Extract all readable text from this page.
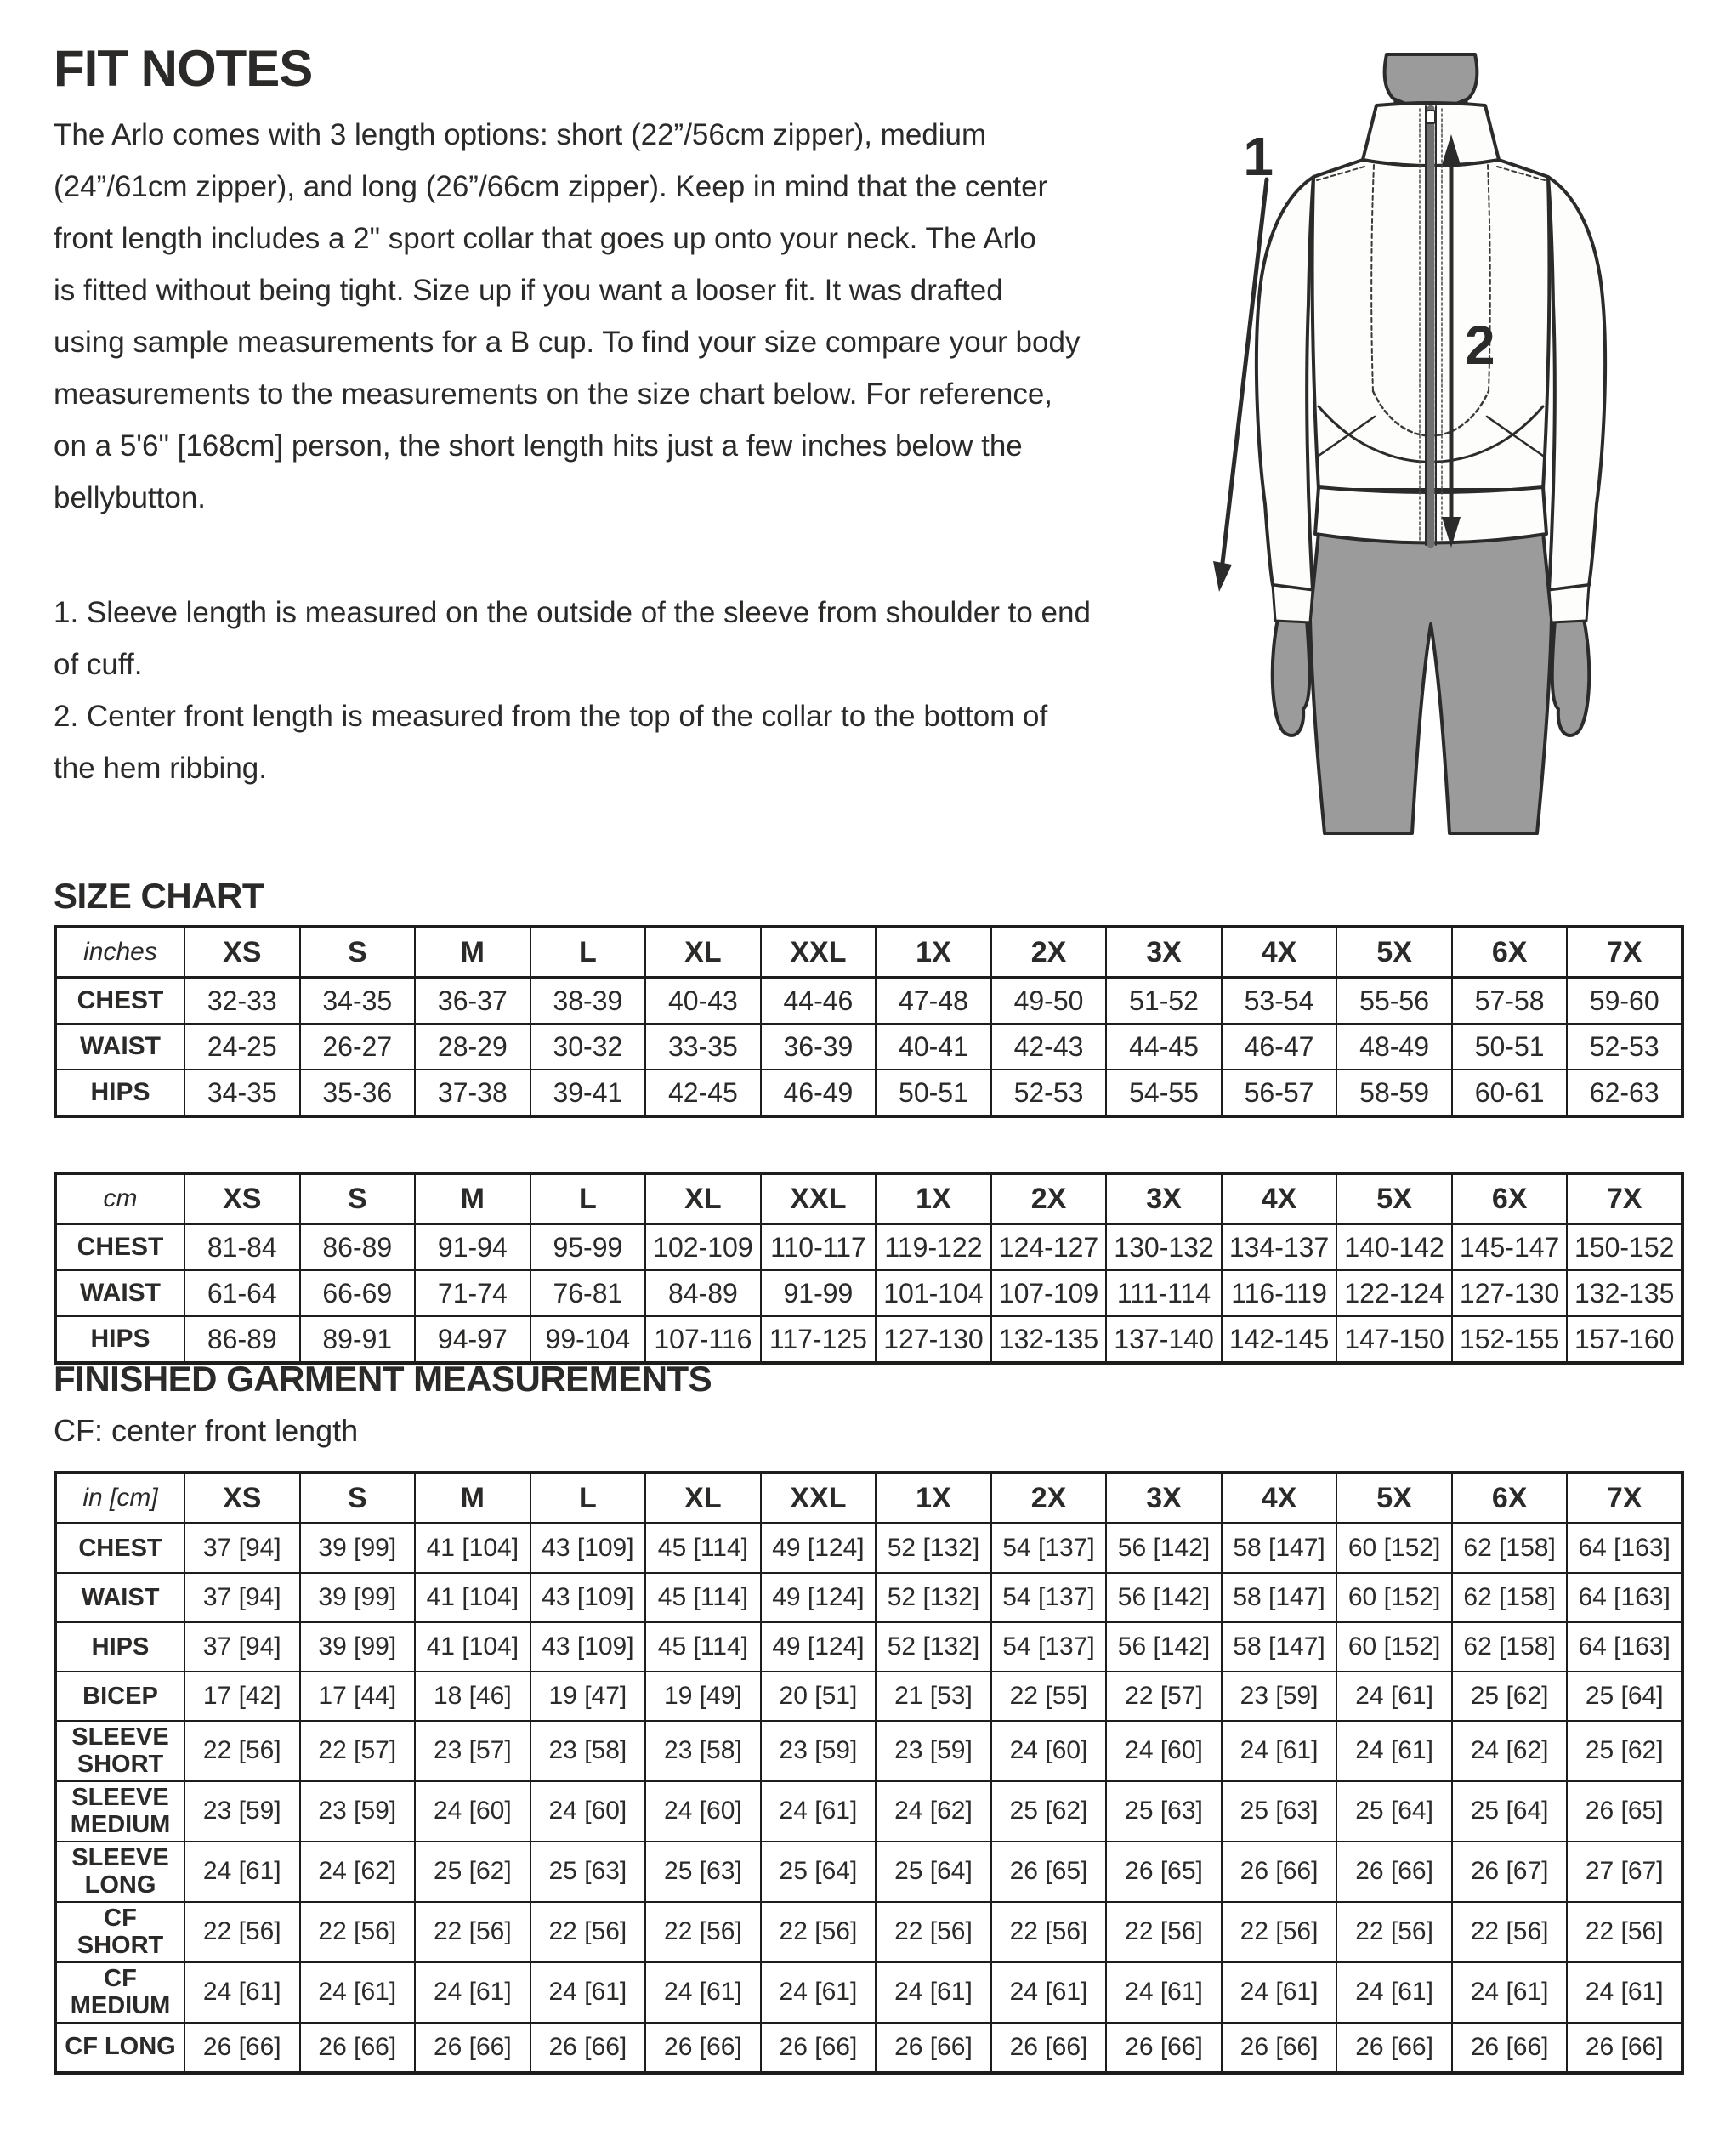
FIT NOTES
The Arlo comes with 3 length options: short (22”/56cm zipper), medium
(24”/61cm zipper), and long (26”/66cm zipper). Keep in mind that the center
front length includes a 2" sport collar that goes up onto your neck. The Arlo
is fitted without being tight. Size up if you want a looser fit. It was drafted
using sample measurements for a B cup. To find your size compare your body
measurements to the measurements on the size chart below. For reference,
on a 5'6" [168cm] person, the short length hits just a few inches below the
bellybutton.
1. Sleeve length is measured on the outside of the sleeve from shoulder to end
of cuff.
2. Center front length is measured from the top of the collar to the bottom of
the hem ribbing.
1
2
SIZE CHART
inches	XS	S	M	L	XL	XXL	1X	2X	3X	4X	5X	6X	7X
CHEST	32-33	34-35	36-37	38-39	40-43	44-46	47-48	49-50	51-52	53-54	55-56	57-58	59-60
WAIST	24-25	26-27	28-29	30-32	33-35	36-39	40-41	42-43	44-45	46-47	48-49	50-51	52-53
HIPS	34-35	35-36	37-38	39-41	42-45	46-49	50-51	52-53	54-55	56-57	58-59	60-61	62-63
cm	XS	S	M	L	XL	XXL	1X	2X	3X	4X	5X	6X	7X
CHEST	81-84	86-89	91-94	95-99	102-109	110-117	119-122	124-127	130-132	134-137	140-142	145-147	150-152
WAIST	61-64	66-69	71-74	76-81	84-89	91-99	101-104	107-109	111-114	116-119	122-124	127-130	132-135
HIPS	86-89	89-91	94-97	99-104	107-116	117-125	127-130	132-135	137-140	142-145	147-150	152-155	157-160
FINISHED GARMENT MEASUREMENTS
CF: center front length
in [cm]	XS	S	M	L	XL	XXL	1X	2X	3X	4X	5X	6X	7X
CHEST	37 [94]	39 [99]	41 [104]	43 [109]	45 [114]	49 [124]	52 [132]	54 [137]	56 [142]	58 [147]	60 [152]	62 [158]	64 [163]
WAIST	37 [94]	39 [99]	41 [104]	43 [109]	45 [114]	49 [124]	52 [132]	54 [137]	56 [142]	58 [147]	60 [152]	62 [158]	64 [163]
HIPS	37 [94]	39 [99]	41 [104]	43 [109]	45 [114]	49 [124]	52 [132]	54 [137]	56 [142]	58 [147]	60 [152]	62 [158]	64 [163]
BICEP	17 [42]	17 [44]	18 [46]	19 [47]	19 [49]	20 [51]	21 [53]	22 [55]	22 [57]	23 [59]	24 [61]	25 [62]	25 [64]
SLEEVE SHORT	22 [56]	22 [57]	23 [57]	23 [58]	23 [58]	23 [59]	23 [59]	24 [60]	24 [60]	24 [61]	24 [61]	24 [62]	25 [62]
SLEEVE MEDIUM	23 [59]	23 [59]	24 [60]	24 [60]	24 [60]	24 [61]	24 [62]	25 [62]	25 [63]	25 [63]	25 [64]	25 [64]	26 [65]
SLEEVE LONG	24 [61]	24 [62]	25 [62]	25 [63]	25 [63]	25 [64]	25 [64]	26 [65]	26 [65]	26 [66]	26 [66]	26 [67]	27 [67]
CF SHORT	22 [56]	22 [56]	22 [56]	22 [56]	22 [56]	22 [56]	22 [56]	22 [56]	22 [56]	22 [56]	22 [56]	22 [56]	22 [56]
CF MEDIUM	24 [61]	24 [61]	24 [61]	24 [61]	24 [61]	24 [61]	24 [61]	24 [61]	24 [61]	24 [61]	24 [61]	24 [61]	24 [61]
CF LONG	26 [66]	26 [66]	26 [66]	26 [66]	26 [66]	26 [66]	26 [66]	26 [66]	26 [66]	26 [66]	26 [66]	26 [66]	26 [66]
